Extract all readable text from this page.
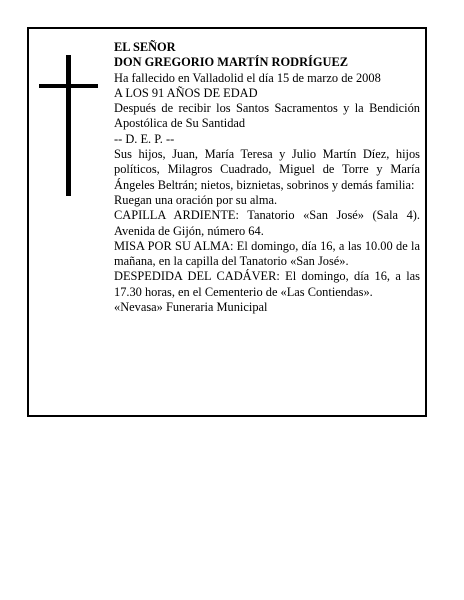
EL SEÑOR
DON GREGORIO MARTÍN RODRÍGUEZ
Ha fallecido en Valladolid el día 15 de marzo de 2008
A LOS 91 AÑOS DE EDAD
Después de recibir los Santos Sacramentos y la Bendición Apostólica de Su Santidad
-- D. E. P. --
Sus hijos, Juan, María Teresa y Julio Martín Díez, hijos políticos, Milagros Cuadrado, Miguel de Torre y María Ángeles Beltrán; nietos, biznietas, sobrinos y demás familia:
Ruegan una oración por su alma.
CAPILLA ARDIENTE: Tanatorio «San José» (Sala 4). Avenida de Gijón, número 64.
MISA POR SU ALMA: El domingo, día 16, a las 10.00 de la mañana, en la capilla del Tanatorio «San José».
DESPEDIDA DEL CADÁVER: El domingo, día 16, a las 17.30 horas, en el Cementerio de «Las Contiendas».
«Nevasa» Funeraria Municipal
